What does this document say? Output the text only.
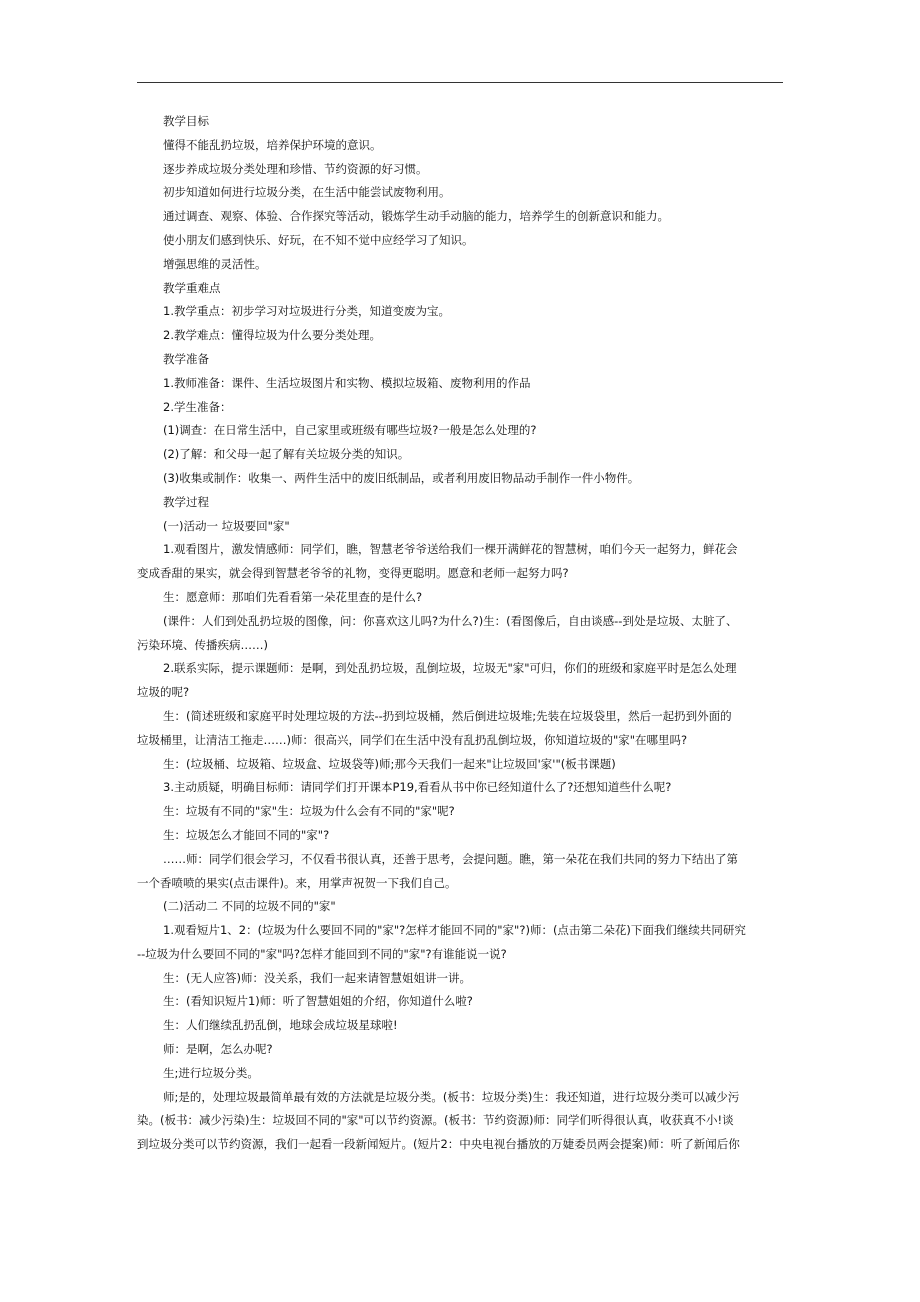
教学目标

懂得不能乱扔垃圾，培养保护环境的意识。

逐步养成垃圾分类处理和珍惜、节约资源的好习惯。

初步知道如何进行垃圾分类，在生活中能尝试废物利用。

通过调查、观察、体验、合作探究等活动，锻炼学生动手动脑的能力，培养学生的创新意识和能力。

使小朋友们感到快乐、好玩，在不知不觉中应经学习了知识。

增强思维的灵活性。

教学重难点

1.教学重点：初步学习对垃圾进行分类，知道变废为宝。

2.教学难点：懂得垃圾为什么要分类处理。

教学准备

1.教师准备：课件、生活垃圾图片和实物、模拟垃圾箱、废物利用的作品

2.学生准备：

(1)调查：在日常生活中，自己家里或班级有哪些垃圾?一般是怎么处理的?

(2)了解：和父母一起了解有关垃圾分类的知识。

(3)收集或制作：收集一、两件生活中的废旧纸制品，或者利用废旧物品动手制作一件小物件。

教学过程

(一)活动一 垃圾要回"家"

1.观看图片，激发情感师：同学们，瞧，智慧老爷爷送给我们一棵开满鲜花的智慧树，咱们今天一起努力，鲜花会

变成香甜的果实，就会得到智慧老爷爷的礼物，变得更聪明。愿意和老师一起努力吗?

生：愿意师：那咱们先看看第一朵花里查的是什么?

(课件：人们到处乱扔垃圾的图像，问：你喜欢这儿吗?为什么?)生：(看图像后，自由谈感--到处是垃圾、太脏了、

污染环境、传播疾病……)

2.联系实际，提示课题师：是啊，到处乱扔垃圾，乱倒垃圾，垃圾无"家"可归，你们的班级和家庭平时是怎么处理

垃圾的呢?

生：(简述班级和家庭平时处理垃圾的方法--扔到垃圾桶，然后倒进垃圾堆;先装在垃圾袋里，然后一起扔到外面的

垃圾桶里，让清洁工拖走……)师：很高兴，同学们在生活中没有乱扔乱倒垃圾，你知道垃圾的"家"在哪里吗?

生：(垃圾桶、垃圾箱、垃圾盒、垃圾袋等)师;那今天我们一起来"让垃圾回'家'"(板书课题)

3.主动质疑，明确目标师：请同学们打开课本P19,看看从书中你已经知道什么了?还想知道些什么呢?

生：垃圾有不同的"家"生：垃圾为什么会有不同的"家"呢?

生：垃圾怎么才能回不同的"家"?

……师：同学们很会学习，不仅看书很认真，还善于思考，会提问题。瞧，第一朵花在我们共同的努力下结出了第

一个香喷喷的果实(点击课件)。来，用掌声祝贺一下我们自己。

(二)活动二 不同的垃圾不同的"家"

1.观看短片1、2：(垃圾为什么要回不同的"家"?怎样才能回不同的"家"?)师：(点击第二朵花)下面我们继续共同研究

--垃圾为什么要回不同的"家"吗?怎样才能回到不同的"家"?有谁能说一说?

生：(无人应答)师：没关系，我们一起来请智慧姐姐讲一讲。

生：(看知识短片1)师：听了智慧姐姐的介绍，你知道什么啦?

生：人们继续乱扔乱倒，地球会成垃圾星球啦!

师：是啊，怎么办呢?

生;进行垃圾分类。

师;是的，处理垃圾最简单最有效的方法就是垃圾分类。(板书：垃圾分类)生：我还知道，进行垃圾分类可以减少污

染。(板书：减少污染)生：垃圾回不同的"家"可以节约资源。(板书：节约资源)师：同学们听得很认真，收获真不小!谈

到垃圾分类可以节约资源，我们一起看一段新闻短片。(短片2：中央电视台播放的万婕委员两会提案)师：听了新闻后你
